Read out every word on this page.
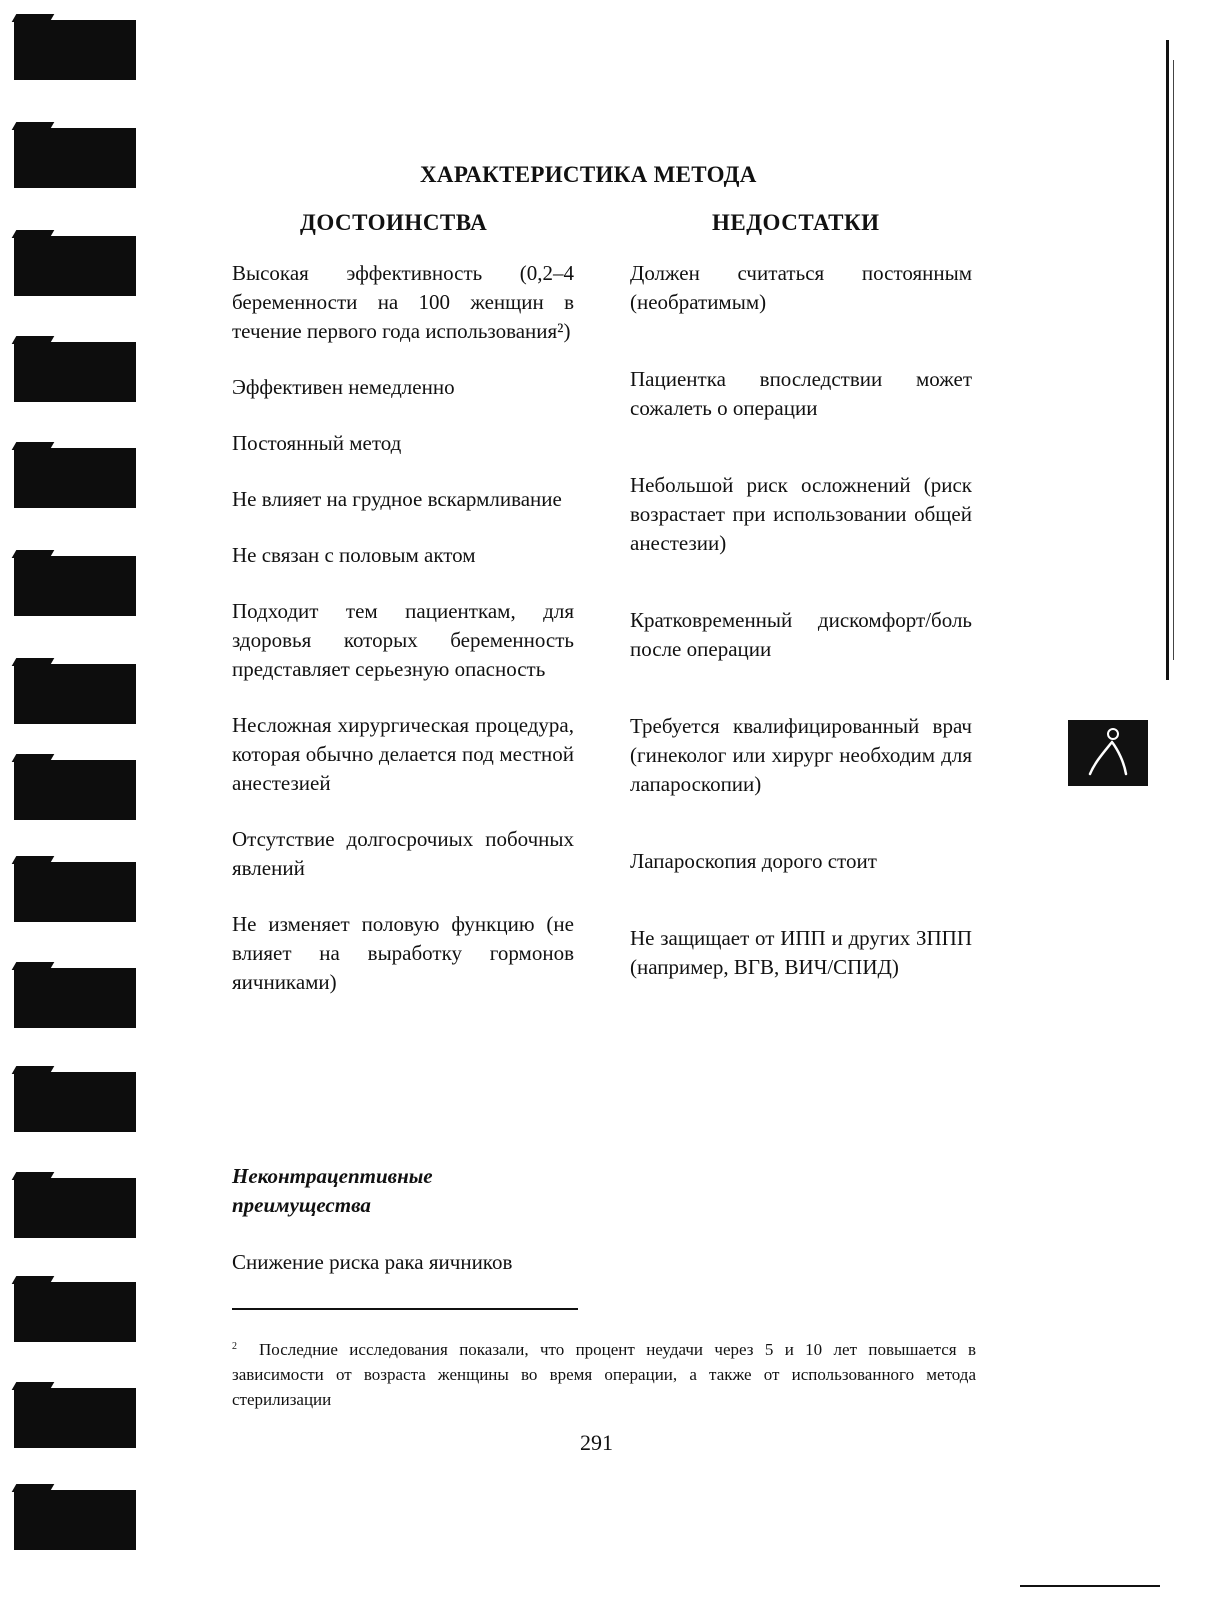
ХАРАКТЕРИСТИКА МЕТОДА
ДОСТОИНСТВА	НЕДОСТАТКИ
Высокая эффективность (0,2–4 беременности на 100 женщин в течение первого года использования²)
Эффективен немедленно
Постоянный метод
Не влияет на грудное вскармливание
Не связан с половым актом
Подходит тем пациенткам, для здоровья которых беременность представляет серьезную опасность
Несложная хирургическая процедура, которая обычно делается под местной анестезией
Отсутствие долгосрочиых побочных явлений
Не изменяет половую функцию (не влияет на выработку гормонов яичниками)
Неконтрацептивные преимущества
Снижение риска рака яичников
Должен считаться постоянным (необратимым)
Пациентка впоследствии может сожалеть о операции
Небольшой риск осложнений (риск возрастает при использовании общей анестезии)
Кратковременный дискомфорт/боль после операции
Требуется квалифицированный врач (гинеколог или хирург необходим для лапароскопии)
Лапароскопия дорого стоит
Не защищает от ИПП и других ЗППП (например, ВГВ, ВИЧ/СПИД)
$^2$ Последние исследования показали, что процент неудачи через 5 и 10 лет повышается в зависимости от возраста женщины во время операции, а также от использованного метода стерилизации
291
